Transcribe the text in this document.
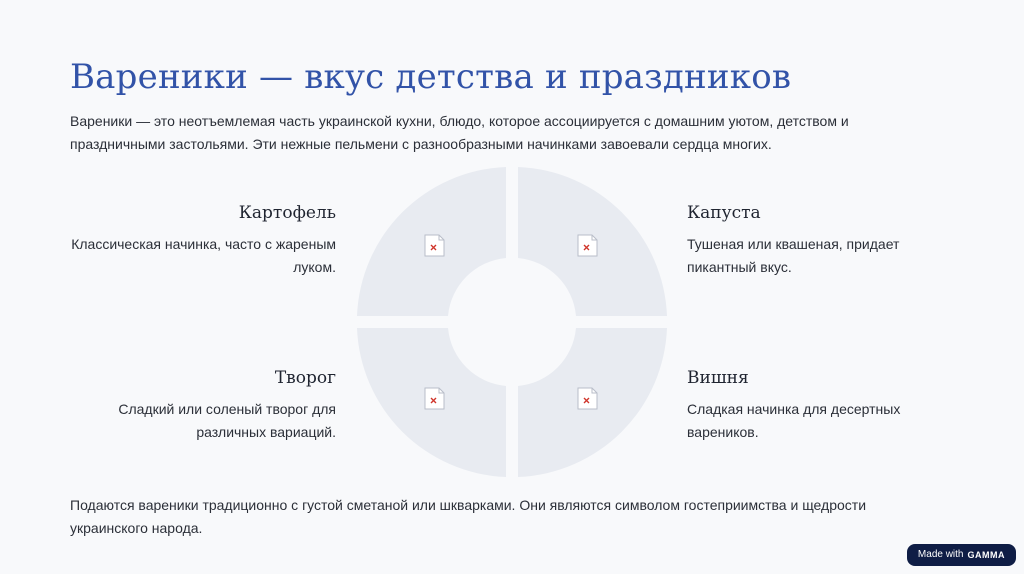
Вареники — вкус детства и праздников
Вареники — это неотъемлемая часть украинской кухни, блюдо, которое ассоциируется с домашним уютом, детством и праздничными застольями. Эти нежные пельмени с разнообразными начинками завоевали сердца многих.
Картофель

Классическая начинка, часто с жареным луком.

Капуста

Тушеная или квашеная, придает пикантный вкус.

Творог

Сладкий или соленый творог для различных вариаций.

Вишня

Сладкая начинка для десертных вареников.

Подаются вареники традиционно с густой сметаной или шкварками. Они являются символом гостеприимства и щедрости украинского народа.
Made with GAMMA
